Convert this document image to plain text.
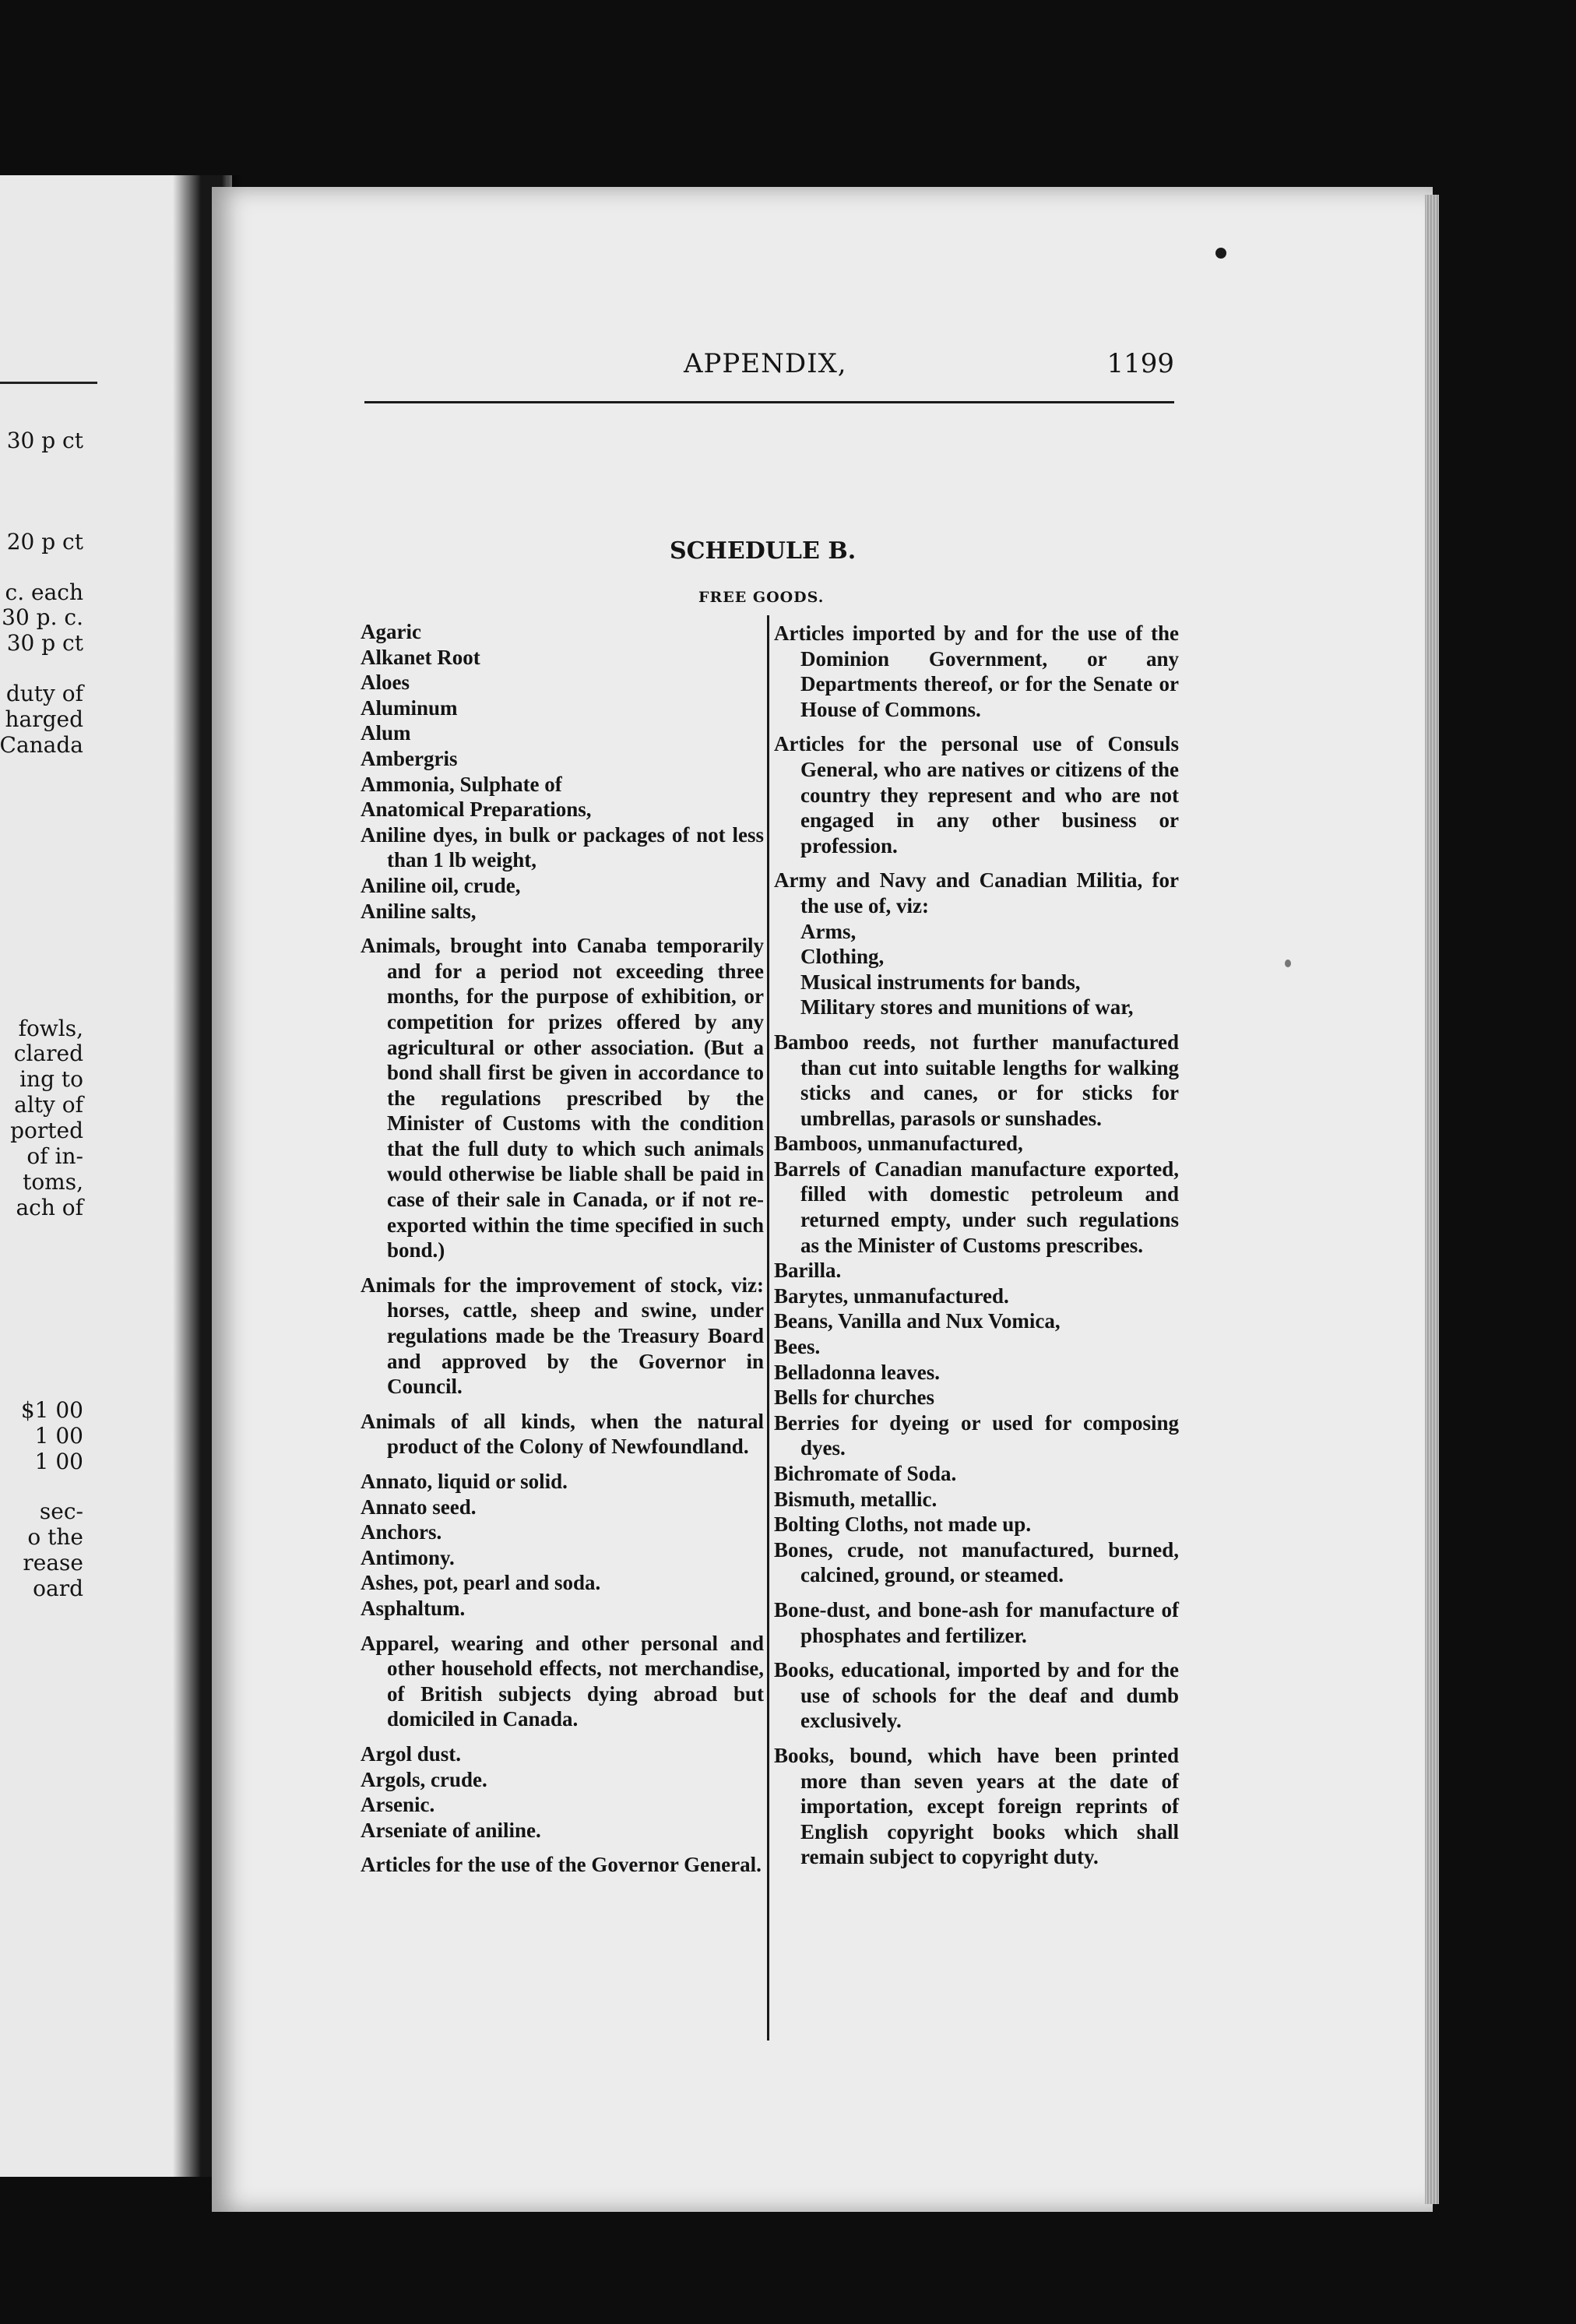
30 p ct
20 p ct
c. each
30 p. c.
30 p ct
duty of
harged
Canada
fowls,
clared
ing to
alty of
ported
of in-
toms,
ach of
$1 00
1 00
1 00
sec-
o the
rease
oard
APPENDIX,	1199
SCHEDULE B.
FREE GOODS.

Agaric

Alkanet Root

Aloes

Aluminum

Alum

Ambergris

Ammonia, Sulphate of

Anatomical Preparations,

Aniline dyes, in bulk or packages of not less than 1 lb weight,

Aniline oil, crude,

Aniline salts,

Animals, brought into Canaba temporarily and for a period not exceeding three months, for the purpose of exhibition, or competition for prizes offered by any agricultural or other association. (But a bond shall first be given in accordance to the regulations prescribed by the Minister of Customs with the condition that the full duty to which such animals would otherwise be liable shall be paid in case of their sale in Canada, or if not re-exported within the time specified in such bond.)

Animals for the improvement of stock, viz: horses, cattle, sheep and swine, under regulations made be the Treasury Board and approved by the Governor in Council.

Animals of all kinds, when the natural product of the Colony of Newfoundland.

Annato, liquid or solid.

Annato seed.

Anchors.

Antimony.

Ashes, pot, pearl and soda.

Asphaltum.

Apparel, wearing and other personal and other household effects, not merchandise, of British subjects dying abroad but domiciled in Canada.

Argol dust.

Argols, crude.

Arsenic.

Arseniate of aniline.

Articles for the use of the Governor General.

Articles imported by and for the use of the Dominion Government, or any Departments thereof, or for the Senate or House of Commons.

Articles for the personal use of Consuls General, who are natives or citizens of the country they represent and who are not engaged in any other business or profession.

Army and Navy and Canadian Militia, for the use of, viz:

Arms,

Clothing,

Musical instruments for bands,

Military stores and munitions of war,

Bamboo reeds, not further manufactured than cut into suitable lengths for walking sticks and canes, or for sticks for umbrellas, parasols or sunshades.

Bamboos, unmanufactured,

Barrels of Canadian manufacture exported, filled with domestic petroleum and returned empty, under such regulations as the Minister of Customs prescribes.

Barilla.

Barytes, unmanufactured.

Beans, Vanilla and Nux Vomica,

Bees.

Belladonna leaves.

Bells for churches

Berries for dyeing or used for composing dyes.

Bichromate of Soda.

Bismuth, metallic.

Bolting Cloths, not made up.

Bones, crude, not manufactured, burned, calcined, ground, or steamed.

Bone-dust, and bone-ash for manufacture of phosphates and fertilizer.

Books, educational, imported by and for the use of schools for the deaf and dumb exclusively.

Books, bound, which have been printed more than seven years at the date of importation, except foreign reprints of English copyright books which shall remain subject to copyright duty.
